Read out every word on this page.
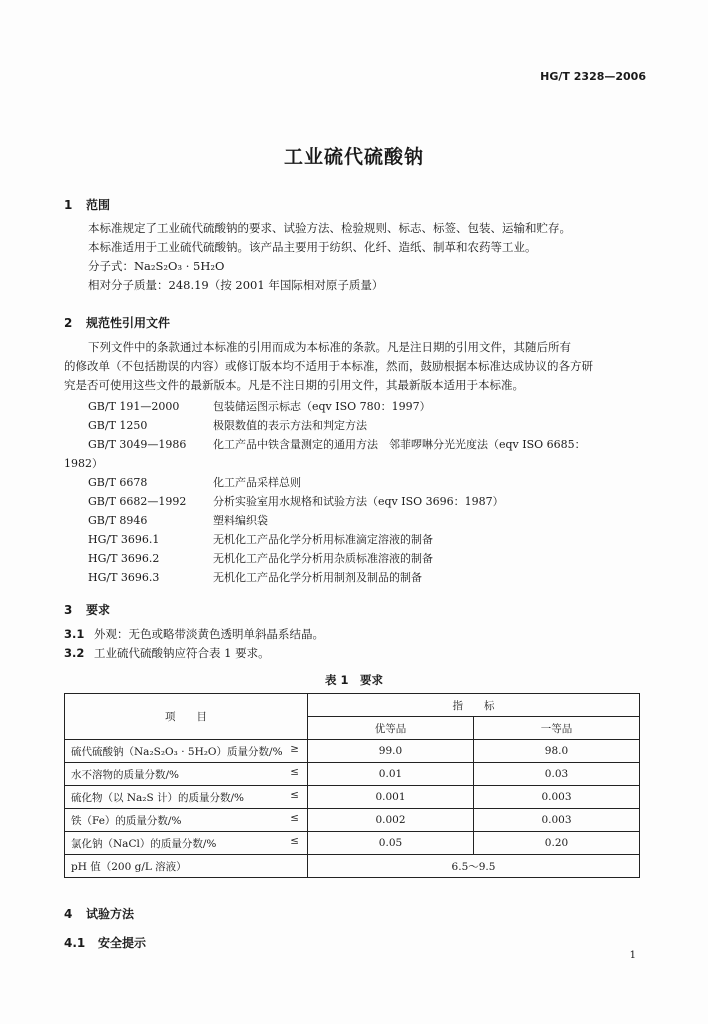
HG/T 2328—2006
工业硫代硫酸钠
1 范围
本标准规定了工业硫代硫酸钠的要求、试验方法、检验规则、标志、标签、包装、运输和贮存。
本标准适用于工业硫代硫酸钠。该产品主要用于纺织、化纤、造纸、制革和农药等工业。
分子式：Na₂S₂O₃ · 5H₂O
相对分子质量：248.19（按 2001 年国际相对原子质量）
2 规范性引用文件
下列文件中的条款通过本标准的引用而成为本标准的条款。凡是注日期的引用文件，其随后所有
的修改单（不包括勘误的内容）或修订版本均不适用于本标准，然而，鼓励根据本标准达成协议的各方研
究是否可使用这些文件的最新版本。凡是不注日期的引用文件，其最新版本适用于本标准。
GB/T 191—2000	包装储运图示标志（eqv ISO 780：1997）
GB/T 1250	极限数值的表示方法和判定方法
GB/T 3049—1986 化工产品中铁含量测定的通用方法　邻菲啰啉分光光度法（eqv ISO 6685：
1982）
GB/T 6678	化工产品采样总则
GB/T 6682—1992 分析实验室用水规格和试验方法（eqv ISO 3696：1987）
GB/T 8946	塑料编织袋
HG/T 3696.1	无机化工产品化学分析用标准滴定溶液的制备
HG/T 3696.2	无机化工产品化学分析用杂质标准溶液的制备
HG/T 3696.3	无机化工产品化学分析用制剂及制品的制备
3 要求
3.1 外观：无色或略带淡黄色透明单斜晶系结晶。
3.2 工业硫代硫酸钠应符合表 1 要求。
表 1　要求
项　　目	指　　标	
	优等品	一等品
硫代硫酸钠（Na₂S₂O₃ · 5H₂O）质量分数/% ≥	99.0	98.0
水不溶物的质量分数/% ≤	0.01	0.03
硫化物（以 Na₂S 计）的质量分数/% ≤	0.001	0.003
铁（Fe）的质量分数/% ≤	0.002	0.003
氯化钠（NaCl）的质量分数/% ≤	0.05	0.20
pH 值（200 g/L 溶液）	6.5～9.5	
4 试验方法
4.1 安全提示
1
